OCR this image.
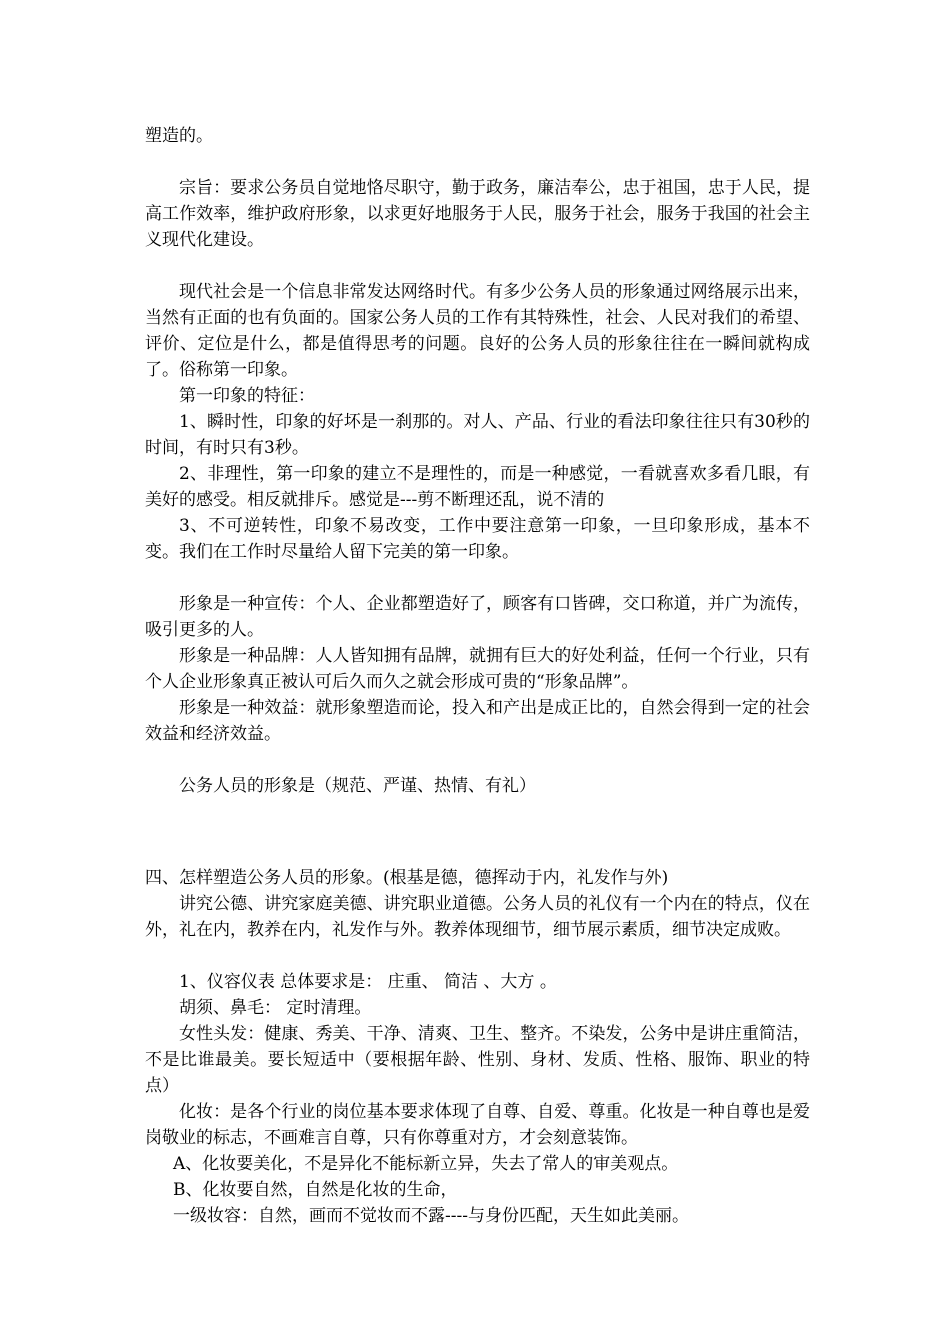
塑造的。

宗旨：要求公务员自觉地恪尽职守，勤于政务，廉洁奉公，忠于祖国，忠于人民，提高工作效率，维护政府形象，以求更好地服务于人民，服务于社会，服务于我国的社会主义现代化建设。

现代社会是一个信息非常发达网络时代。有多少公务人员的形象通过网络展示出来，当然有正面的也有负面的。国家公务人员的工作有其特殊性，社会、人民对我们的希望、评价、定位是什么，都是值得思考的问题。良好的公务人员的形象往往在一瞬间就构成了。俗称第一印象。

第一印象的特征：

1、瞬时性，印象的好坏是一刹那的。对人、产品、行业的看法印象往往只有30秒的时间，有时只有3秒。

2、非理性，第一印象的建立不是理性的，而是一种感觉，一看就喜欢多看几眼，有美好的感受。相反就排斥。感觉是---剪不断理还乱，说不清的

3、不可逆转性，印象不易改变，工作中要注意第一印象，一旦印象形成，基本不变。我们在工作时尽量给人留下完美的第一印象。

形象是一种宣传：个人、企业都塑造好了，顾客有口皆碑，交口称道，并广为流传，吸引更多的人。

形象是一种品牌：人人皆知拥有品牌，就拥有巨大的好处利益，任何一个行业，只有个人企业形象真正被认可后久而久之就会形成可贵的“形象品牌”。

形象是一种效益：就形象塑造而论，投入和产出是成正比的，自然会得到一定的社会效益和经济效益。

公务人员的形象是（规范、严谨、热情、有礼）

四、怎样塑造公务人员的形象。(根基是德，德挥动于内，礼发作与外)

讲究公德、讲究家庭美德、讲究职业道德。公务人员的礼仪有一个内在的特点，仪在外，礼在内，教养在内，礼发作与外。教养体现细节，细节展示素质，细节决定成败。

1、仪容仪表 总体要求是： 庄重、 简洁 、大方 。

胡须、鼻毛： 定时清理。

女性头发：健康、秀美、干净、清爽、卫生、整齐。不染发，公务中是讲庄重简洁，不是比谁最美。要长短适中（要根据年龄、性别、身材、发质、性格、服饰、职业的特点）

化妆：是各个行业的岗位基本要求体现了自尊、自爱、尊重。化妆是一种自尊也是爱岗敬业的标志，不画难言自尊，只有你尊重对方，才会刻意装饰。

A、化妆要美化，不是异化不能标新立异，失去了常人的审美观点。

B、化妆要自然，自然是化妆的生命，

一级妆容：自然，画而不觉妆而不露----与身份匹配，天生如此美丽。
